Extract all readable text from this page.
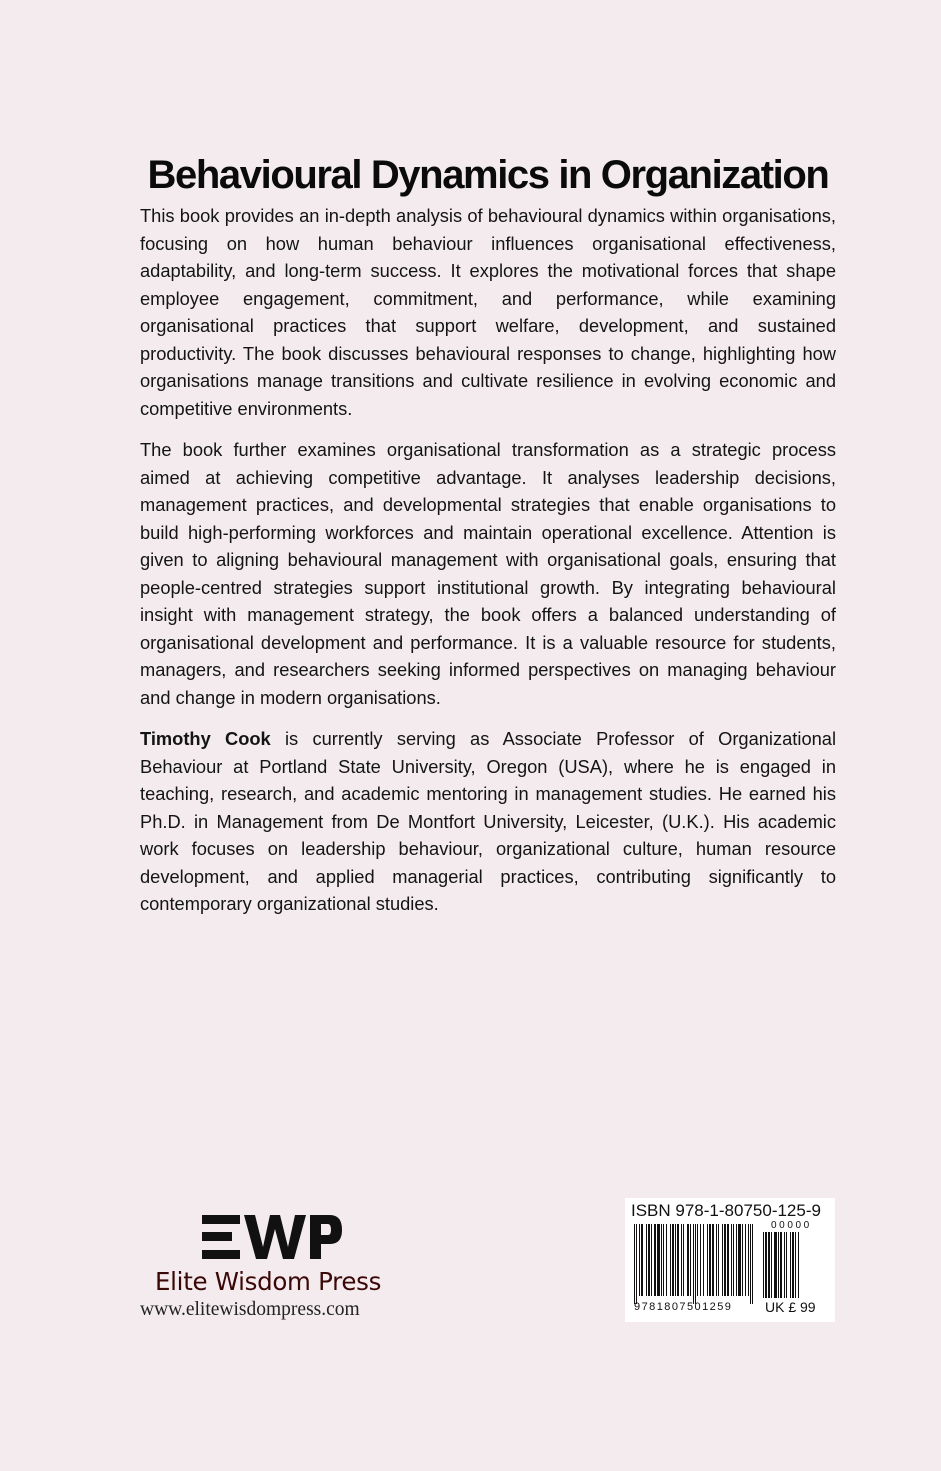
Behavioural Dynamics in Organization

This book provides an in-depth analysis of behavioural dynamics within organisations, focusing on how human behaviour influences organisational effectiveness, adaptability, and long-term success. It explores the motivational forces that shape employee engagement, commitment, and performance, while examining organisational practices that support welfare, development, and sustained productivity. The book discusses behavioural responses to change, highlighting how organisations manage transitions and cultivate resilience in evolving economic and competitive environments.

The book further examines organisational transformation as a strategic process aimed at achieving competitive advantage. It analyses leadership decisions, management practices, and developmental strategies that enable organisations to build high-performing workforces and maintain operational excellence. Attention is given to aligning behavioural management with organisational goals, ensuring that people-centred strategies support institutional growth. By integrating behavioural insight with management strategy, the book offers a balanced understanding of organisational development and performance. It is a valuable resource for students, managers, and researchers seeking informed perspectives on managing behaviour and change in modern organisations.

Timothy Cook is currently serving as Associate Professor of Organizational Behaviour at Portland State University, Oregon (USA), where he is engaged in teaching, research, and academic mentoring in management studies. He earned his Ph.D. in Management from De Montfort University, Leicester, (U.K.). His academic work focuses on leadership behaviour, organizational culture, human resource development, and applied managerial practices, contributing significantly to contemporary organizational studies.

Elite Wisdom Press
www.elitewisdompress.com
ISBN 978-1-80750-125-9
00000
9781807501259 UK £ 99
